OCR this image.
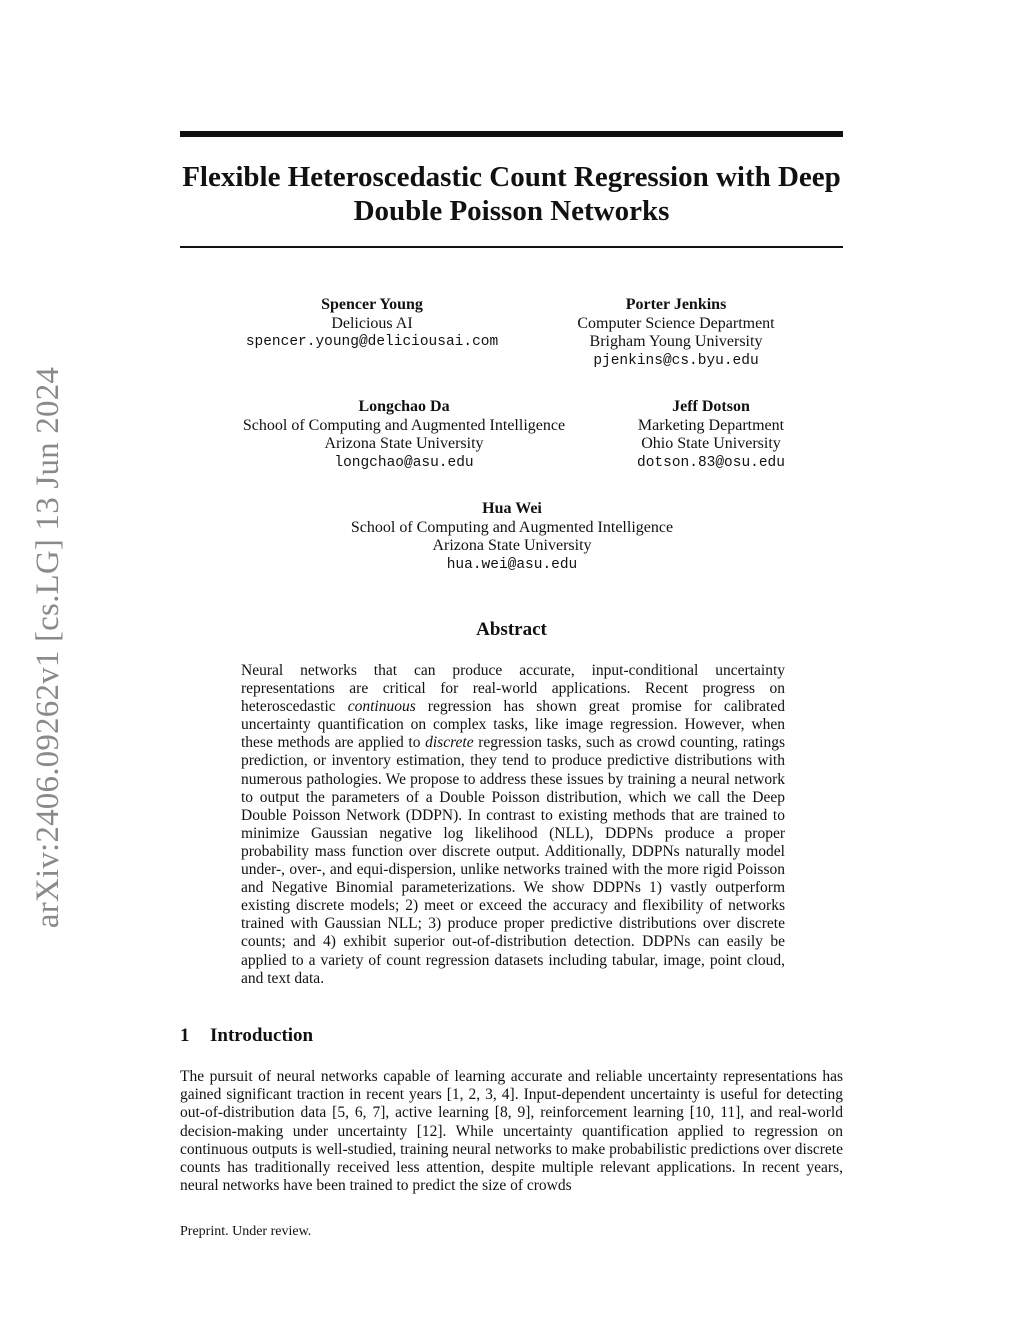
arXiv:2406.09262v1 [cs.LG] 13 Jun 2024
Flexible Heteroscedastic Count Regression with Deep Double Poisson Networks
Spencer Young
Delicious AI
spencer.young@deliciousai.com
Porter Jenkins
Computer Science Department
Brigham Young University
pjenkins@cs.byu.edu
Longchao Da
School of Computing and Augmented Intelligence
Arizona State University
longchao@asu.edu
Jeff Dotson
Marketing Department
Ohio State University
dotson.83@osu.edu
Hua Wei
School of Computing and Augmented Intelligence
Arizona State University
hua.wei@asu.edu
Abstract

Neural networks that can produce accurate, input-conditional uncertainty representations are critical for real-world applications. Recent progress on heteroscedastic continuous regression has shown great promise for calibrated uncertainty quantification on complex tasks, like image regression. However, when these methods are applied to discrete regression tasks, such as crowd counting, ratings prediction, or inventory estimation, they tend to produce predictive distributions with numerous pathologies. We propose to address these issues by training a neural network to output the parameters of a Double Poisson distribution, which we call the Deep Double Poisson Network (DDPN). In contrast to existing methods that are trained to minimize Gaussian negative log likelihood (NLL), DDPNs produce a proper probability mass function over discrete output. Additionally, DDPNs naturally model under-, over-, and equi-dispersion, unlike networks trained with the more rigid Poisson and Negative Binomial parameterizations. We show DDPNs 1) vastly outperform existing discrete models; 2) meet or exceed the accuracy and flexibility of networks trained with Gaussian NLL; 3) produce proper predictive distributions over discrete counts; and 4) exhibit superior out-of-distribution detection. DDPNs can easily be applied to a variety of count regression datasets including tabular, image, point cloud, and text data.

1 Introduction

The pursuit of neural networks capable of learning accurate and reliable uncertainty representations has gained significant traction in recent years [1, 2, 3, 4]. Input-dependent uncertainty is useful for detecting out-of-distribution data [5, 6, 7], active learning [8, 9], reinforcement learning [10, 11], and real-world decision-making under uncertainty [12]. While uncertainty quantification applied to regression on continuous outputs is well-studied, training neural networks to make probabilistic predictions over discrete counts has traditionally received less attention, despite multiple relevant applications. In recent years, neural networks have been trained to predict the size of crowds

Preprint. Under review.
